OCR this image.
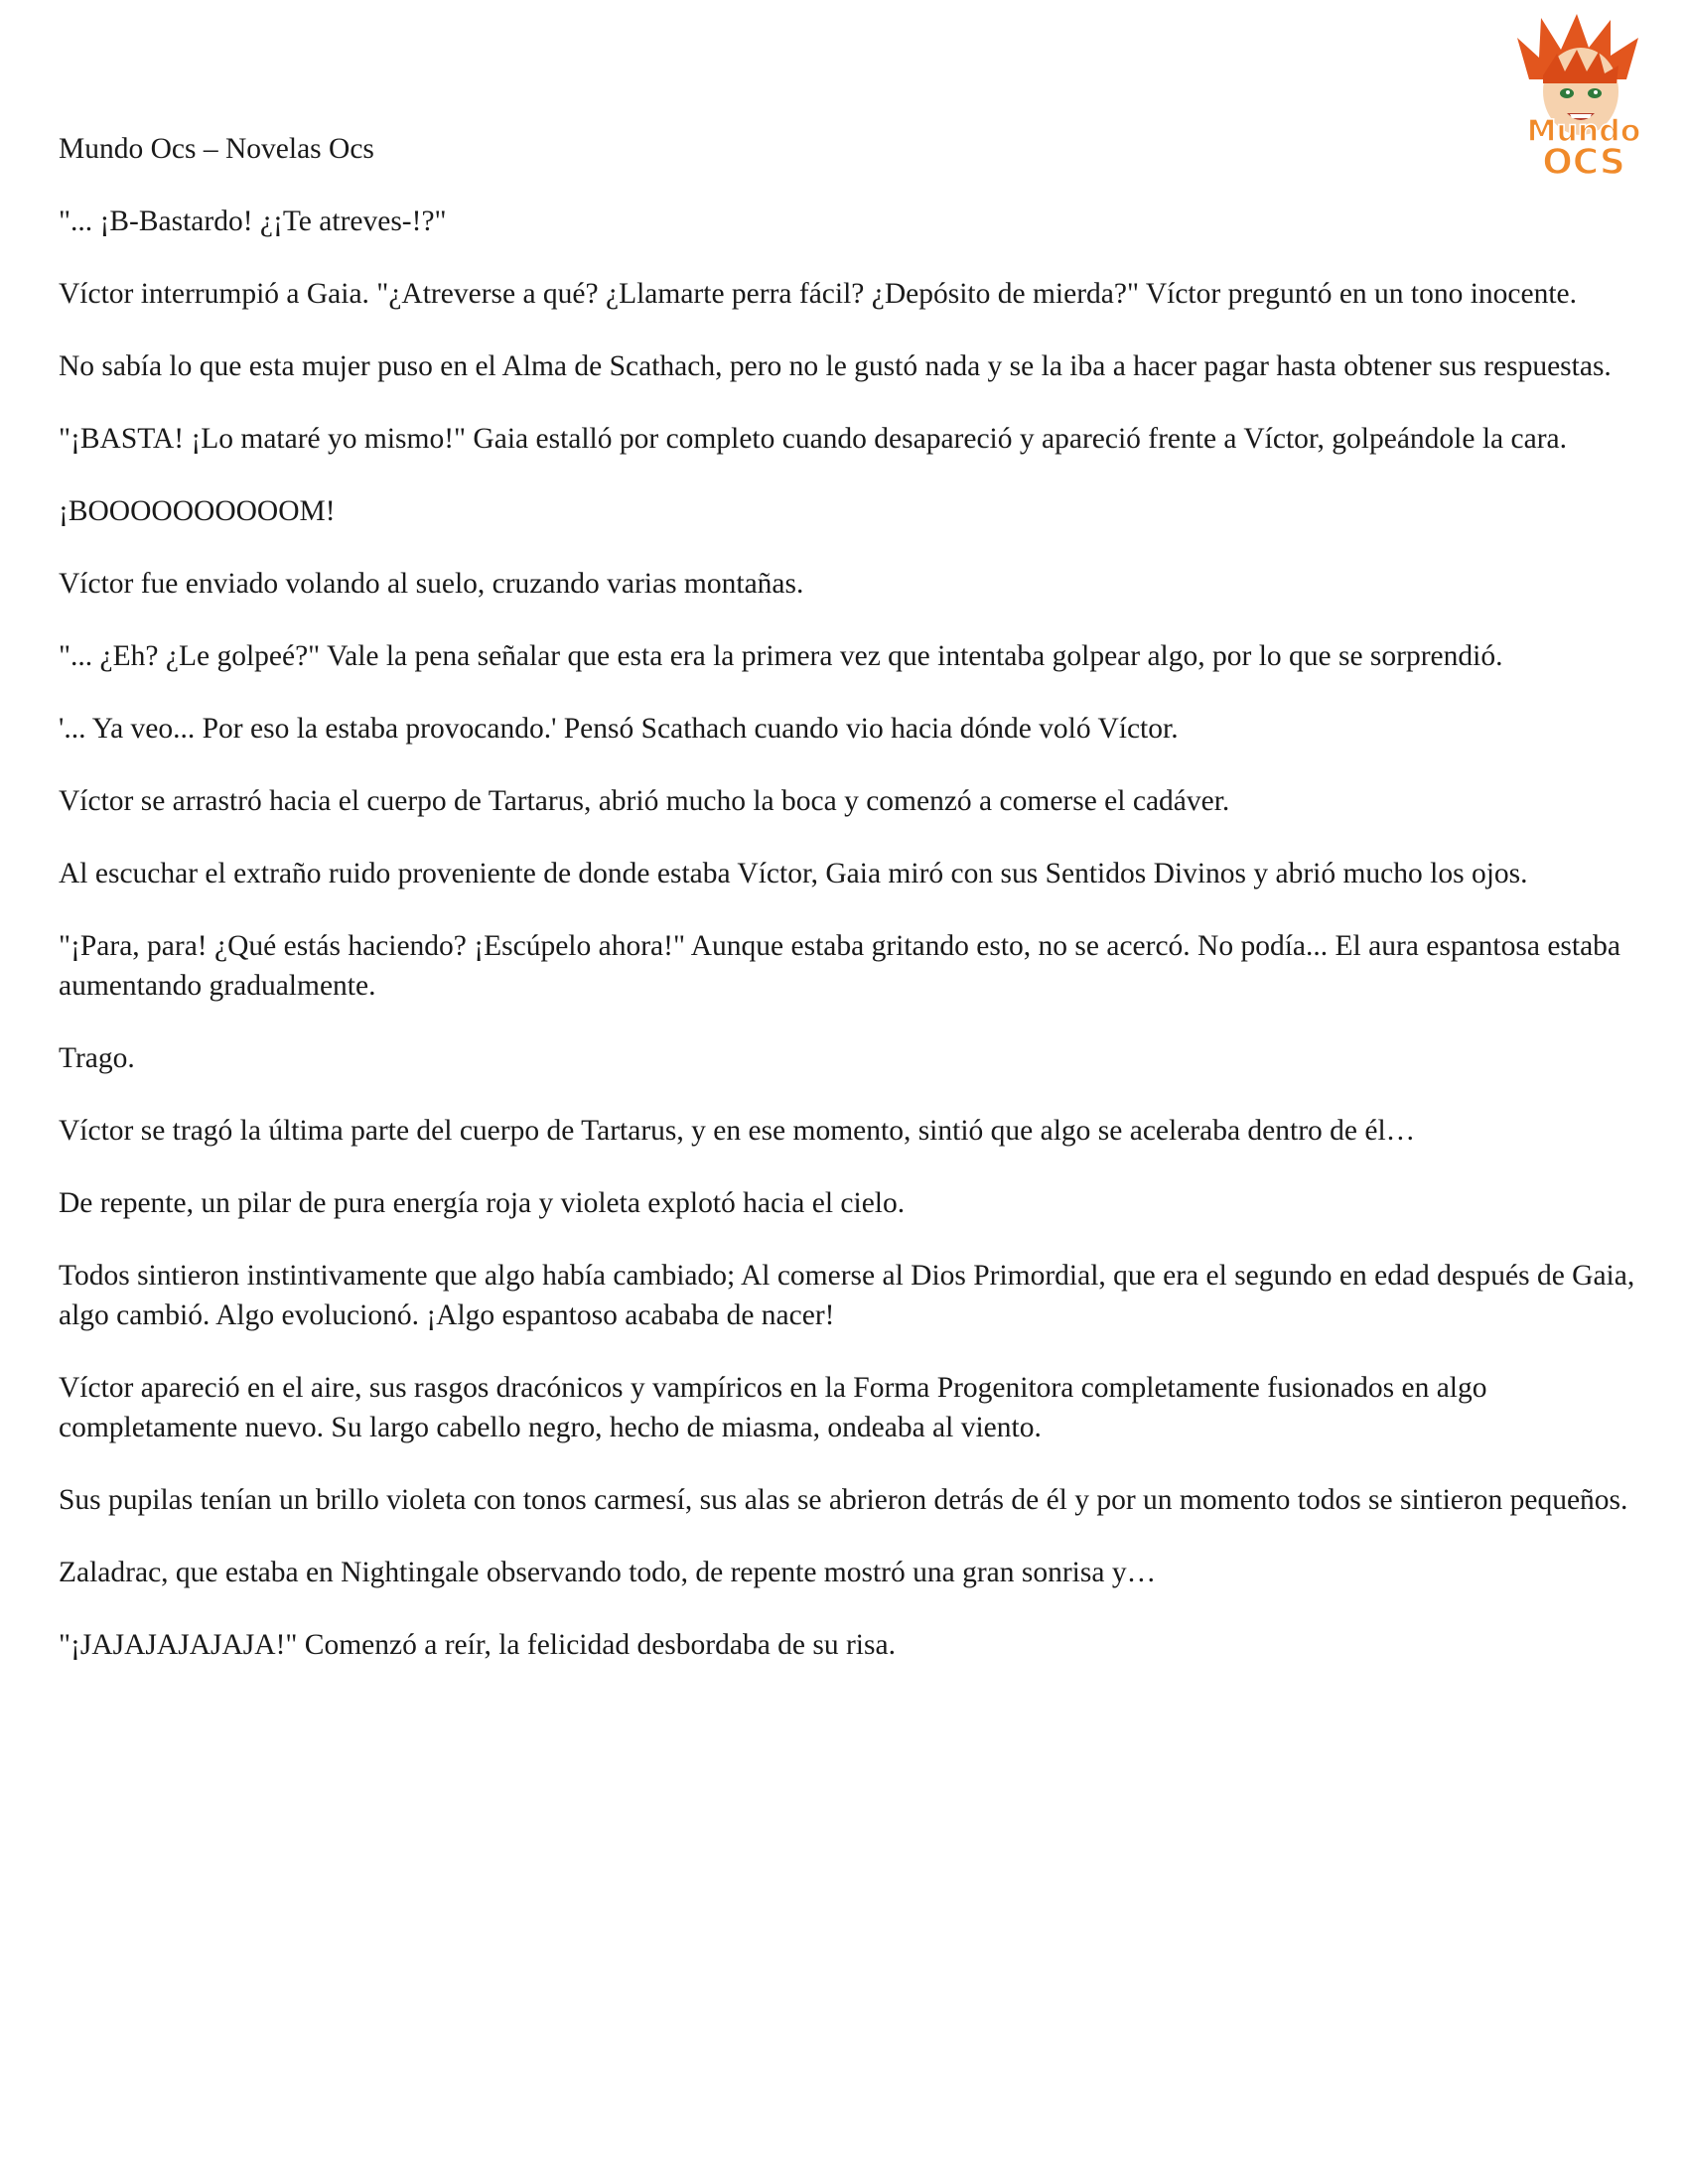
Mundo
OCS

Mundo Ocs – Novelas Ocs

"... ¡B-Bastardo! ¿¡Te atreves-!?"

Víctor interrumpió a Gaia. "¿Atreverse a qué? ¿Llamarte perra fácil? ¿Depósito de mierda?" Víctor preguntó en un tono inocente.

No sabía lo que esta mujer puso en el Alma de Scathach, pero no le gustó nada y se la iba a hacer pagar hasta obtener sus respuestas.

"¡BASTA! ¡Lo mataré yo mismo!" Gaia estalló por completo cuando desapareció y apareció frente a Víctor, golpeándole la cara.

¡BOOOOOOOOOOM!

Víctor fue enviado volando al suelo, cruzando varias montañas.

"... ¿Eh? ¿Le golpeé?" Vale la pena señalar que esta era la primera vez que intentaba golpear algo, por lo que se sorprendió.

'... Ya veo... Por eso la estaba provocando.' Pensó Scathach cuando vio hacia dónde voló Víctor.

Víctor se arrastró hacia el cuerpo de Tartarus, abrió mucho la boca y comenzó a comerse el cadáver.

Al escuchar el extraño ruido proveniente de donde estaba Víctor, Gaia miró con sus Sentidos Divinos y abrió mucho los ojos.

"¡Para, para! ¿Qué estás haciendo? ¡Escúpelo ahora!" Aunque estaba gritando esto, no se acercó. No podía... El aura espantosa estaba aumentando gradualmente.

Trago.

Víctor se tragó la última parte del cuerpo de Tartarus, y en ese momento, sintió que algo se aceleraba dentro de él…

De repente, un pilar de pura energía roja y violeta explotó hacia el cielo.

Todos sintieron instintivamente que algo había cambiado; Al comerse al Dios Primordial, que era el segundo en edad después de Gaia, algo cambió. Algo evolucionó. ¡Algo espantoso acababa de nacer!

Víctor apareció en el aire, sus rasgos dracónicos y vampíricos en la Forma Progenitora completamente fusionados en algo completamente nuevo. Su largo cabello negro, hecho de miasma, ondeaba al viento.

Sus pupilas tenían un brillo violeta con tonos carmesí, sus alas se abrieron detrás de él y por un momento todos se sintieron pequeños.

Zaladrac, que estaba en Nightingale observando todo, de repente mostró una gran sonrisa y…

"¡JAJAJAJAJAJA!" Comenzó a reír, la felicidad desbordaba de su risa.
